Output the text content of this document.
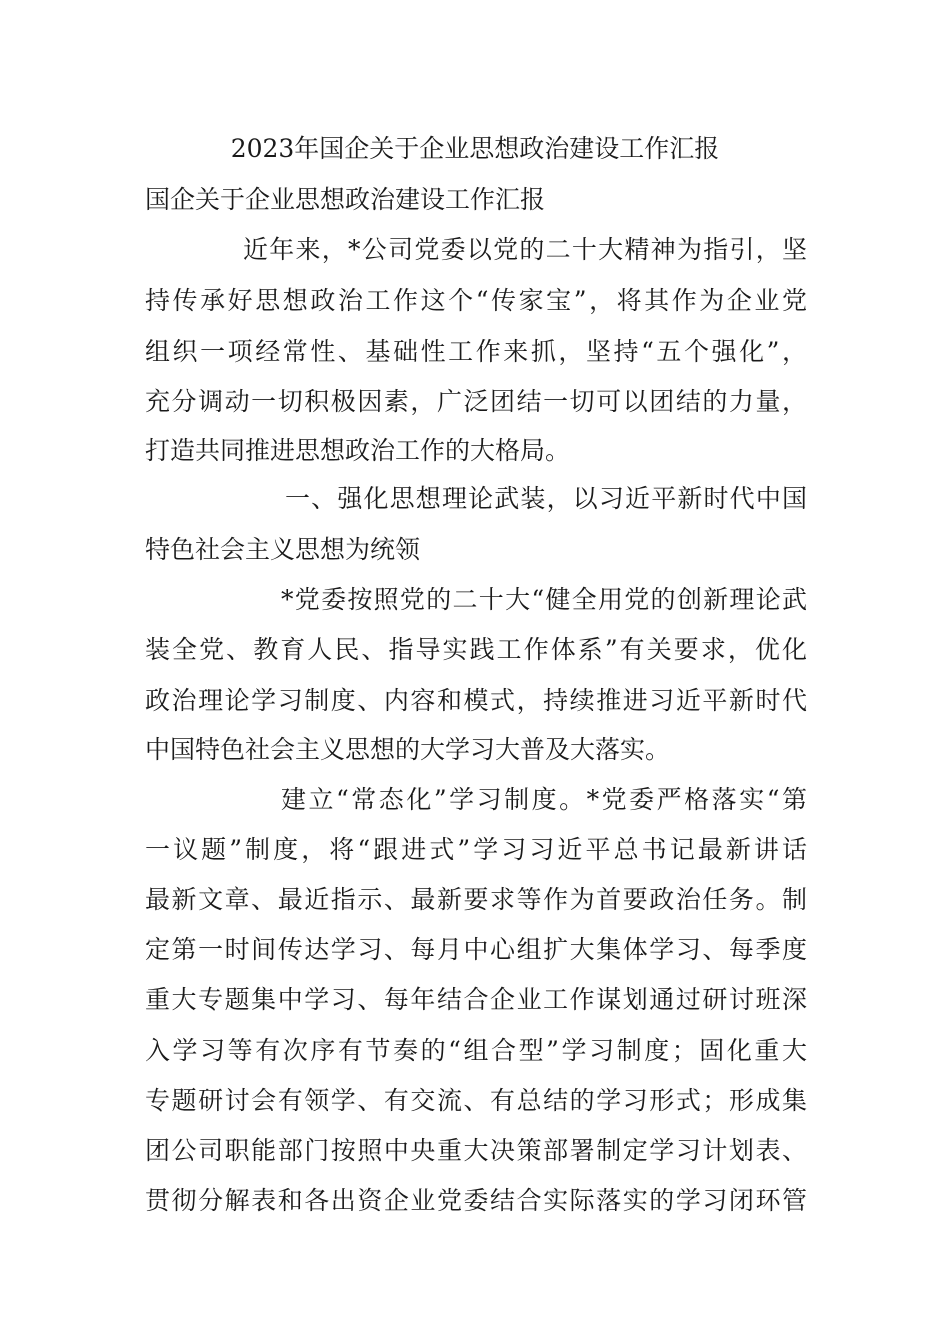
2023年国企关于企业思想政治建设工作汇报
国企关于企业思想政治建设工作汇报
近年来，*公司党委以党的二十大精神为指引，坚
持传承好思想政治工作这个“传家宝”，将其作为企业党
组织一项经常性、基础性工作来抓，坚持“五个强化”，
充分调动一切积极因素，广泛团结一切可以团结的力量，
打造共同推进思想政治工作的大格局。
一、强化思想理论武装，以习近平新时代中国
特色社会主义思想为统领
*党委按照党的二十大“健全用党的创新理论武
装全党、教育人民、指导实践工作体系”有关要求，优化
政治理论学习制度、内容和模式，持续推进习近平新时代
中国特色社会主义思想的大学习大普及大落实。
建立“常态化”学习制度。*党委严格落实“第
一议题”制度，将“跟进式”学习习近平总书记最新讲话
最新文章、最近指示、最新要求等作为首要政治任务。制
定第一时间传达学习、每月中心组扩大集体学习、每季度
重大专题集中学习、每年结合企业工作谋划通过研讨班深
入学习等有次序有节奏的“组合型”学习制度；固化重大
专题研讨会有领学、有交流、有总结的学习形式；形成集
团公司职能部门按照中央重大决策部署制定学习计划表、
贯彻分解表和各出资企业党委结合实际落实的学习闭环管
